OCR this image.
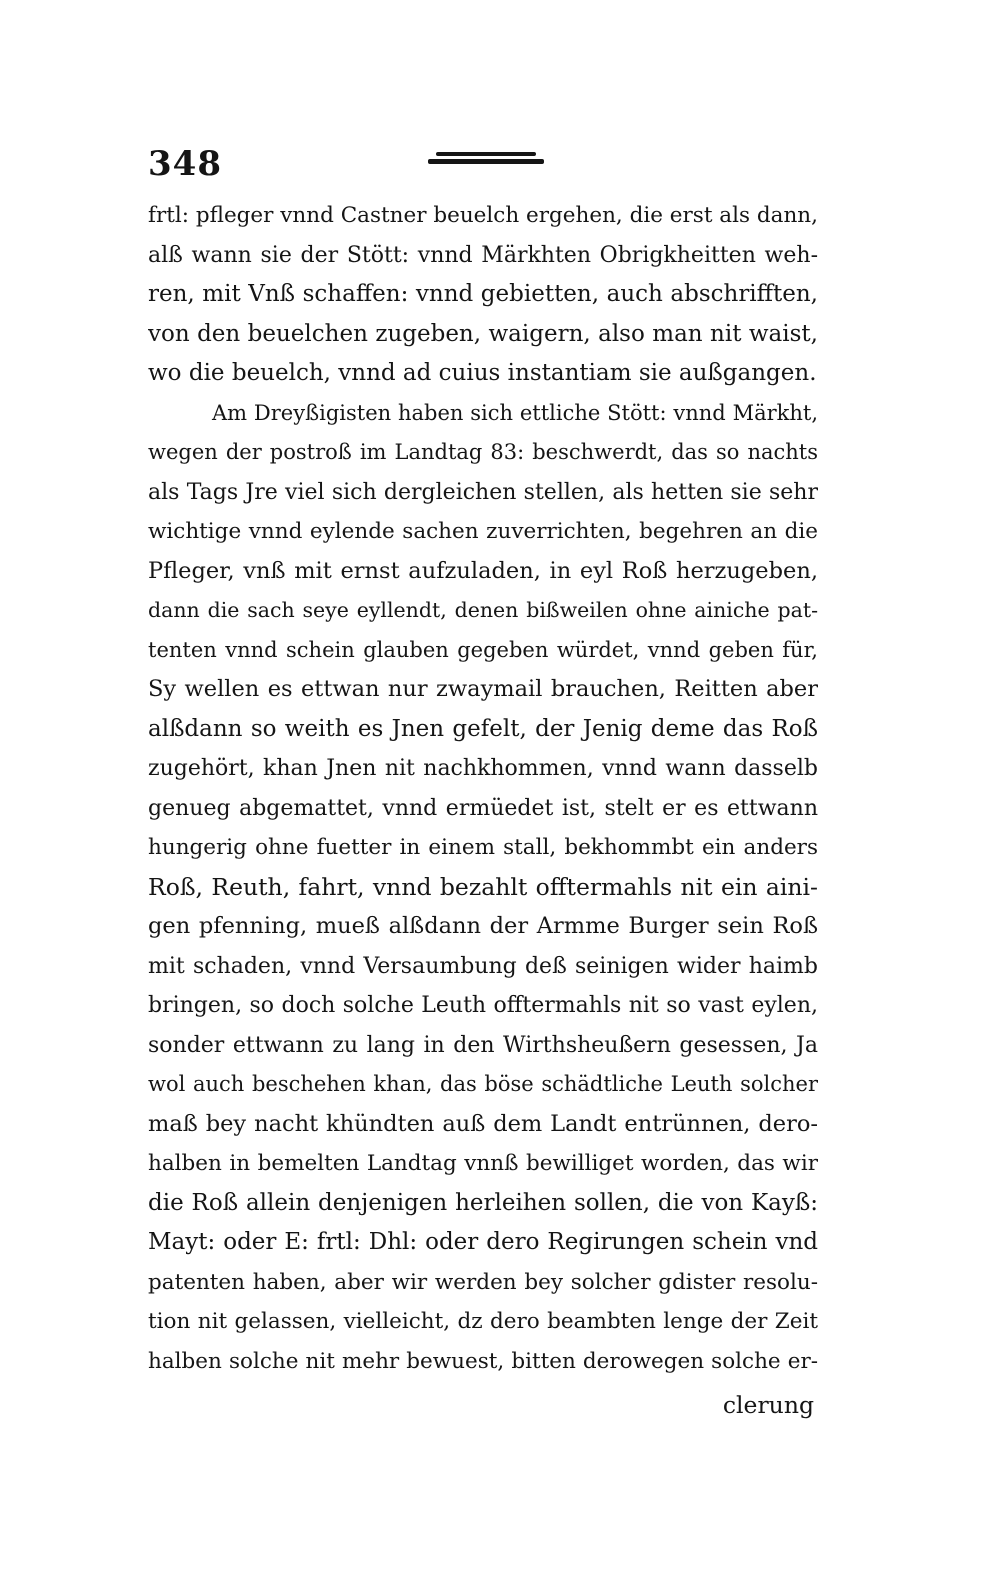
348
frtl: pfleger vnnd Castner beuelch ergehen, die erst als dann,
alß wann sie der Stött: vnnd Märkhten Obrigkheitten weh-
ren, mit Vnß schaffen: vnnd gebietten, auch abschrifften,
von den beuelchen zugeben, waigern, also man nit waist,
wo die beuelch, vnnd ad cuius instantiam sie außgangen.
Am Dreyßigisten haben sich ettliche Stött: vnnd Märkht,
wegen der postroß im Landtag 83: beschwerdt, das so nachts
als Tags Jre viel sich dergleichen stellen, als hetten sie sehr
wichtige vnnd eylende sachen zuverrichten, begehren an die
Pfleger, vnß mit ernst aufzuladen, in eyl Roß herzugeben,
dann die sach seye eyllendt, denen bißweilen ohne ainiche pat-
tenten vnnd schein glauben gegeben würdet, vnnd geben für,
Sy wellen es ettwan nur zwaymail brauchen, Reitten aber
alßdann so weith es Jnen gefelt, der Jenig deme das Roß
zugehört, khan Jnen nit nachkhommen, vnnd wann dasselb
genueg abgemattet, vnnd ermüedet ist, stelt er es ettwann
hungerig ohne fuetter in einem stall, bekhommbt ein anders
Roß, Reuth, fahrt, vnnd bezahlt offtermahls nit ein aini-
gen pfenning, mueß alßdann der Armme Burger sein Roß
mit schaden, vnnd Versaumbung deß seinigen wider haimb
bringen, so doch solche Leuth offtermahls nit so vast eylen,
sonder ettwann zu lang in den Wirthsheußern gesessen, Ja
wol auch beschehen khan, das böse schädtliche Leuth solcher
maß bey nacht khündten auß dem Landt entrünnen, dero-
halben in bemelten Landtag vnnß bewilliget worden, das wir
die Roß allein denjenigen herleihen sollen, die von Kayß:
Mayt: oder E: frtl: Dhl: oder dero Regirungen schein vnd
patenten haben, aber wir werden bey solcher gdister resolu-
tion nit gelassen, vielleicht, dz dero beambten lenge der Zeit
halben solche nit mehr bewuest, bitten derowegen solche er-
clerung
